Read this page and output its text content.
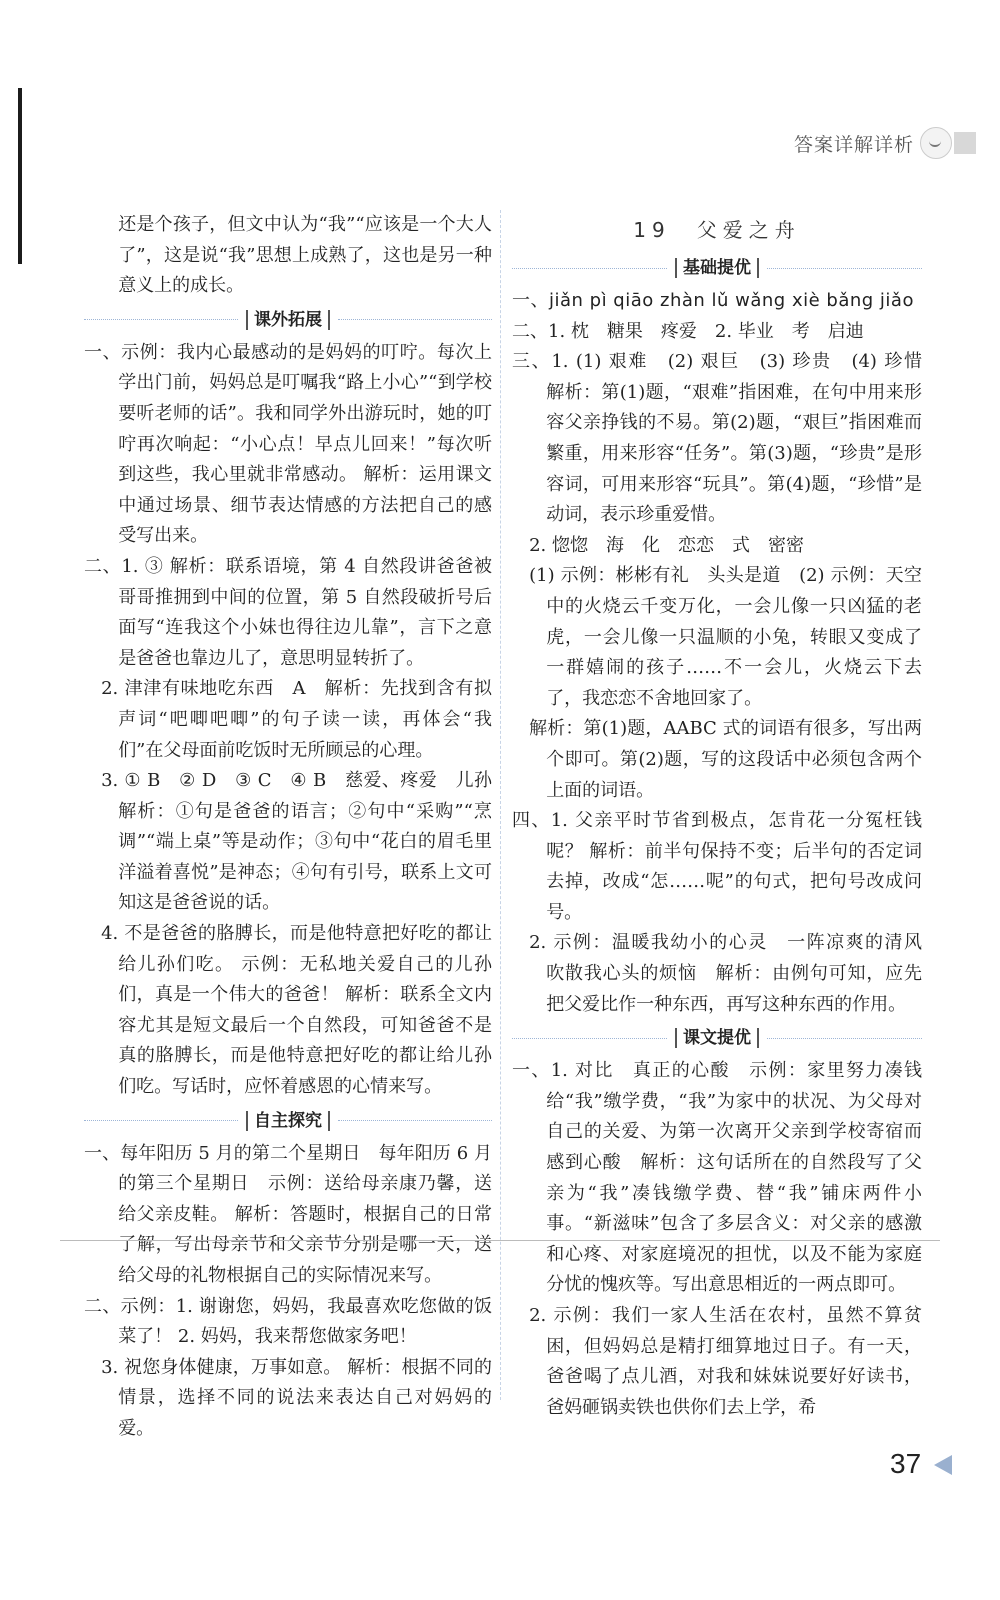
答案详解详析

还是个孩子，但文中认为“我”“应该是一个大人了”，这是说“我”思想上成熟了，这也是另一种意义上的成长。

课外拓展

一、示例：我内心最感动的是妈妈的叮咛。每次上学出门前，妈妈总是叮嘱我“路上小心”“到学校要听老师的话”。我和同学外出游玩时，她的叮咛再次响起：“小心点！早点儿回来！”每次听到这些，我心里就非常感动。 解析：运用课文中通过场景、细节表达情感的方法把自己的感受写出来。

二、1. ③ 解析：联系语境，第 4 自然段讲爸爸被哥哥推拥到中间的位置，第 5 自然段破折号后面写“连我这个小妹也得往边儿靠”，言下之意是爸爸也靠边儿了，意思明显转折了。

2. 津津有味地吃东西　A　解析：先找到含有拟声词“吧唧吧唧”的句子读一读，再体会“我们”在父母面前吃饭时无所顾忌的心理。

3. ① B　② D　③ C　④ B　慈爱、疼爱　儿孙　解析：①句是爸爸的语言；②句中“采购”“烹调”“端上桌”等是动作；③句中“花白的眉毛里洋溢着喜悦”是神态；④句有引号，联系上文可知这是爸爸说的话。

4. 不是爸爸的胳膊长，而是他特意把好吃的都让给儿孙们吃。 示例：无私地关爱自己的儿孙们，真是一个伟大的爸爸！ 解析：联系全文内容尤其是短文最后一个自然段，可知爸爸不是真的胳膊长，而是他特意把好吃的都让给儿孙们吃。写话时，应怀着感恩的心情来写。

自主探究

一、每年阳历 5 月的第二个星期日　每年阳历 6 月的第三个星期日　示例：送给母亲康乃馨，送给父亲皮鞋。 解析：答题时，根据自己的日常了解，写出母亲节和父亲节分别是哪一天，送给父母的礼物根据自己的实际情况来写。

二、示例：1. 谢谢您，妈妈，我最喜欢吃您做的饭菜了！ 2. 妈妈，我来帮您做家务吧！

3. 祝您身体健康，万事如意。 解析：根据不同的情景，选择不同的说法来表达自己对妈妈的爱。

19　父爱之舟
基础提优

一、jiǎn pì qiāo zhàn lǔ wǎng xiè bǎng jiǎo

二、1. 枕　糖果　疼爱　2. 毕业　考　启迪

三、1. (1) 艰难　(2) 艰巨　(3) 珍贵　(4) 珍惜　解析：第(1)题，“艰难”指困难，在句中用来形容父亲挣钱的不易。第(2)题，“艰巨”指困难而繁重，用来形容“任务”。第(3)题，“珍贵”是形容词，可用来形容“玩具”。第(4)题，“珍惜”是动词，表示珍重爱惜。

2. 惚惚　海　化　恋恋　式　密密

(1) 示例：彬彬有礼　头头是道　(2) 示例：天空中的火烧云千变万化，一会儿像一只凶猛的老虎，一会儿像一只温顺的小兔，转眼又变成了一群嬉闹的孩子……不一会儿，火烧云下去了，我恋恋不舍地回家了。

解析：第(1)题，AABC 式的词语有很多，写出两个即可。第(2)题，写的这段话中必须包含两个上面的词语。

四、1. 父亲平时节省到极点，怎肯花一分冤枉钱呢？ 解析：前半句保持不变；后半句的否定词去掉，改成“怎……呢”的句式，把句号改成问号。

2. 示例：温暖我幼小的心灵　一阵凉爽的清风　吹散我心头的烦恼　解析：由例句可知，应先把父爱比作一种东西，再写这种东西的作用。

课文提优

一、1. 对比　真正的心酸　示例：家里努力凑钱给“我”缴学费，“我”为家中的状况、为父母对自己的关爱、为第一次离开父亲到学校寄宿而感到心酸　解析：这句话所在的自然段写了父亲为“我”凑钱缴学费、替“我”铺床两件小事。“新滋味”包含了多层含义：对父亲的感激和心疼、对家庭境况的担忧，以及不能为家庭分忧的愧疚等。写出意思相近的一两点即可。

2. 示例：我们一家人生活在农村，虽然不算贫困，但妈妈总是精打细算地过日子。有一天，爸爸喝了点儿酒，对我和妹妹说要好好读书，爸妈砸锅卖铁也供你们去上学，希

37
